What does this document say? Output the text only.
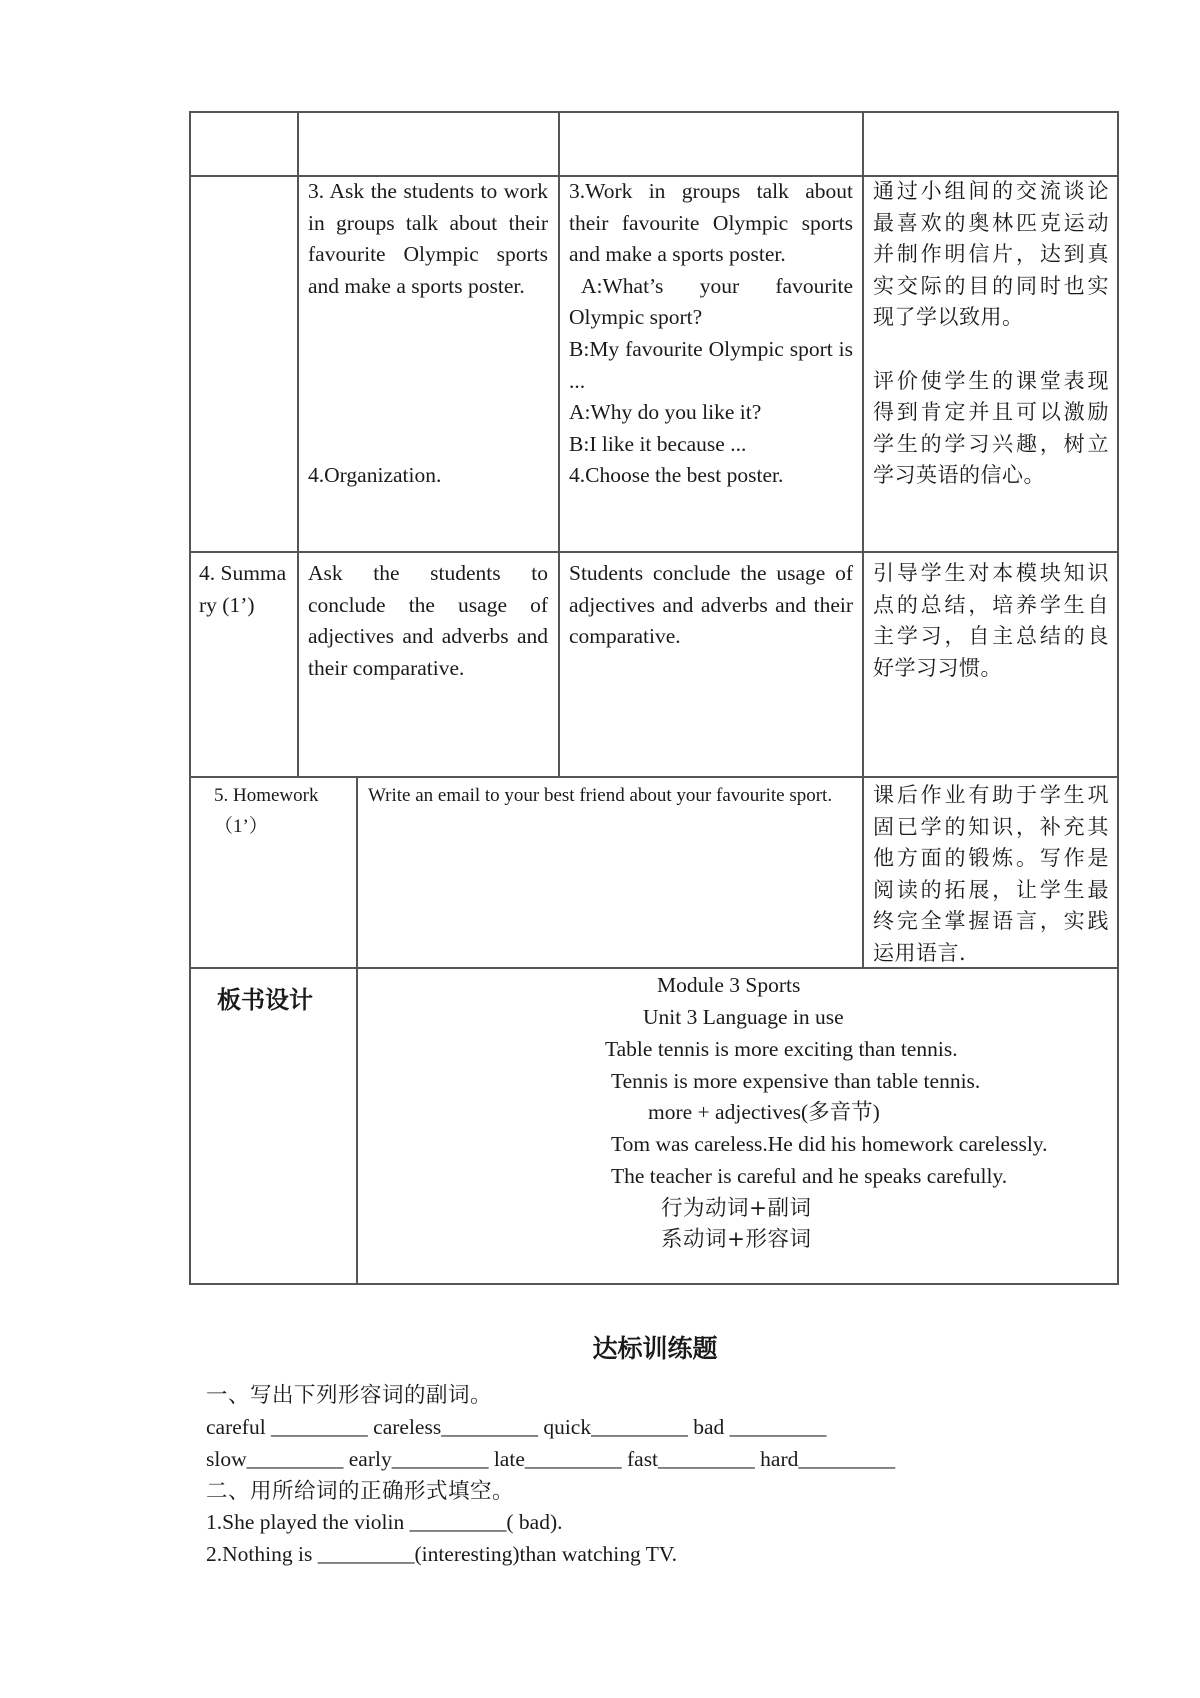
3. Ask the students to work in groups talk about their favourite Olympic sports and make a sports poster.

4.Organization.

3.Work in groups talk about their favourite Olympic sports and make a sports poster.

A:What’s your favourite Olympic sport?

B:My favourite Olympic sport is ...

A:Why do you like it?

B:I like it because ...

4.Choose the best poster.

通过小组间的交流谈论最喜欢的奥林匹克运动并制作明信片，达到真实交际的目的同时也实现了学以致用。

评价使学生的课堂表现得到肯定并且可以激励学生的学习兴趣，树立学习英语的信心。

4. Summary (1’)

Ask the students to conclude the usage of adjectives and adverbs and their comparative.

Students conclude the usage of adjectives and adverbs and their comparative.

引导学生对本模块知识点的总结，培养学生自主学习，自主总结的良好学习习惯。

5. Homework （1’）

Write an email to your best friend about your favourite sport.	课后作业有助于学生巩固已学的知识，补充其他方面的锻炼。写作是阅读的拓展，让学生最终完全掌握语言，实践运用语言.

板书设计
Module 3 Sports
Unit 3 Language in use
Table tennis is more exciting than tennis.
Tennis is more expensive than table tennis.
more + adjectives(多音节)
Tom was careless.He did his homework carelessly.
The teacher is careful and he speaks carefully.
行为动词+副词
系动词+形容词
达标训练题
一、写出下列形容词的副词。
careful _________ careless_________ quick_________ bad _________
slow_________ early_________ late_________ fast_________ hard_________
二、用所给词的正确形式填空。
1.She played the violin _________( bad).
2.Nothing is _________(interesting)than watching TV.
